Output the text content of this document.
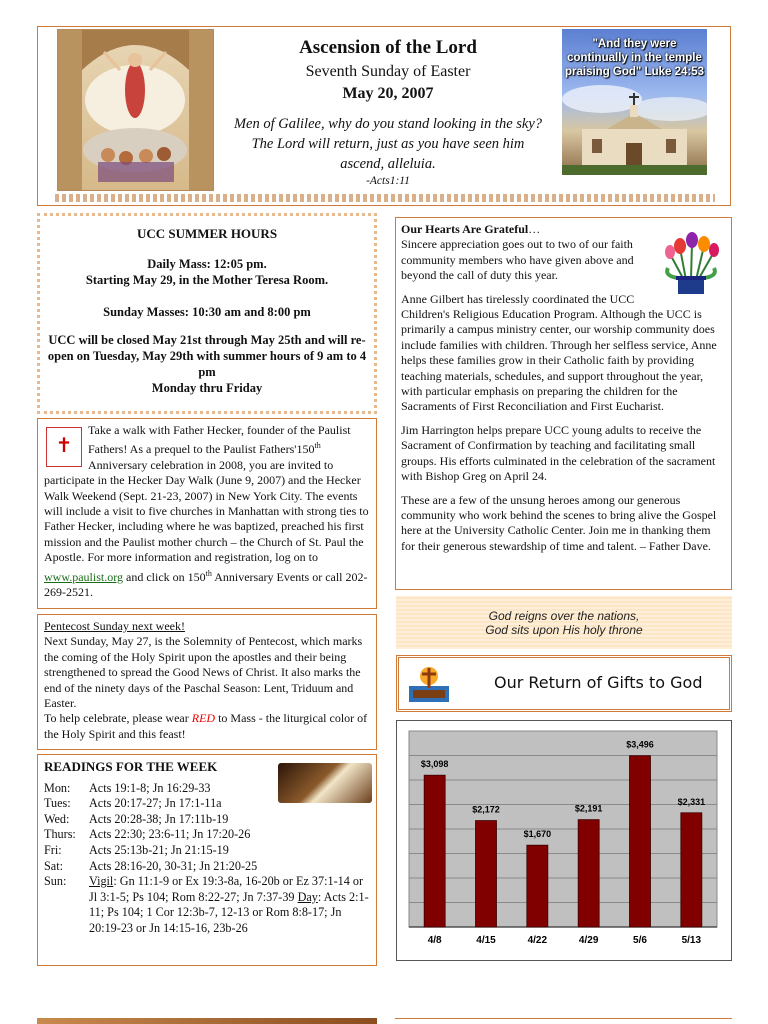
Ascension of the Lord
Seventh Sunday of Easter
May 20, 2007
Men of Galilee, why do you stand looking in the sky? The Lord will return, just as you have seen him ascend, alleluia.
-Acts1:11
"And they were continually in the temple praising God" Luke 24:53
UCC SUMMER HOURS

Daily Mass: 12:05 pm.

Starting May 29, in the Mother Teresa Room.

Sunday Masses: 10:30 am and 8:00 pm

UCC will be closed May 21st through May 25th and will re-open on Tuesday, May 29th with summer hours of 9 am to 4 pm

Monday thru Friday

✝
Take a walk with Father Hecker, founder of the Paulist Fathers! As a prequel to the Paulist Fathers'150th Anniversary celebration in 2008, you are invited to participate in the Hecker Day Walk (June 9, 2007) and the Hecker Walk Weekend (Sept. 21-23, 2007) in New York City. The events will include a visit to five churches in Manhattan with strong ties to Father Hecker, including where he was baptized, preached his first mission and the Paulist mother church – the Church of St. Paul the Apostle. For more information and registration, log on to www.paulist.org and click on 150th Anniversary Events or call 202-269-2521.
Pentecost Sunday next week!
Next Sunday, May 27, is the Solemnity of Pentecost, which marks the coming of the Holy Spirit upon the apostles and their being strengthened to spread the Good News of Christ. It also marks the end of the ninety days of the Paschal Season: Lent, Triduum and Easter.
To help celebrate, please wear RED to Mass - the liturgical color of the Holy Spirit and this feast!
READINGS FOR THE WEEK
Mon:	Acts 19:1-8; Jn 16:29-33
Tues:	Acts 20:17-27; Jn 17:1-11a
Wed:	Acts 20:28-38; Jn 17:11b-19
Thurs:	Acts 22:30; 23:6-11; Jn 17:20-26
Fri:	Acts 25:13b-21; Jn 21:15-19
Sat:	Acts 28:16-20, 30-31; Jn 21:20-25
Sun:	Vigil: Gn 11:1-9 or Ex 19:3-8a, 16-20b or Ez 37:1-14 or Jl 3:1-5; Ps 104; Rom 8:22-27; Jn 7:37-39 Day: Acts 2:1-11; Ps 104; 1 Cor 12:3b-7, 12-13 or Rom 8:8-17; Jn 20:19-23 or Jn 14:15-16, 23b-26
Our Hearts Are Grateful…

Sincere appreciation goes out to two of our faith community members who have given above and beyond the call of duty this year.

Anne Gilbert has tirelessly coordinated the UCC Children's Religious Education Program. Although the UCC is primarily a campus ministry center, our worship community does include families with children. Through her selfless service, Anne helps these families grow in their Catholic faith by providing teaching materials, schedules, and support throughout the year, with particular emphasis on preparing the children for the Sacraments of First Reconciliation and First Eucharist.

Jim Harrington helps prepare UCC young adults to receive the Sacrament of Confirmation by teaching and facilitating small groups. His efforts culminated in the celebration of the sacrament with Bishop Greg on April 24.

These are a few of the unsung heroes among our generous community who work behind the scenes to bring alive the Gospel here at the University Catholic Center. Join me in thanking them for their generous stewardship of time and talent. – Father Dave.

God reigns over the nations,
God sits upon His holy throne
Our Return of Gifts to God
$3,098
4/8
$2,172
4/15
$1,670
4/22
$2,191
4/29
$3,496
5/6
$2,331
5/13
